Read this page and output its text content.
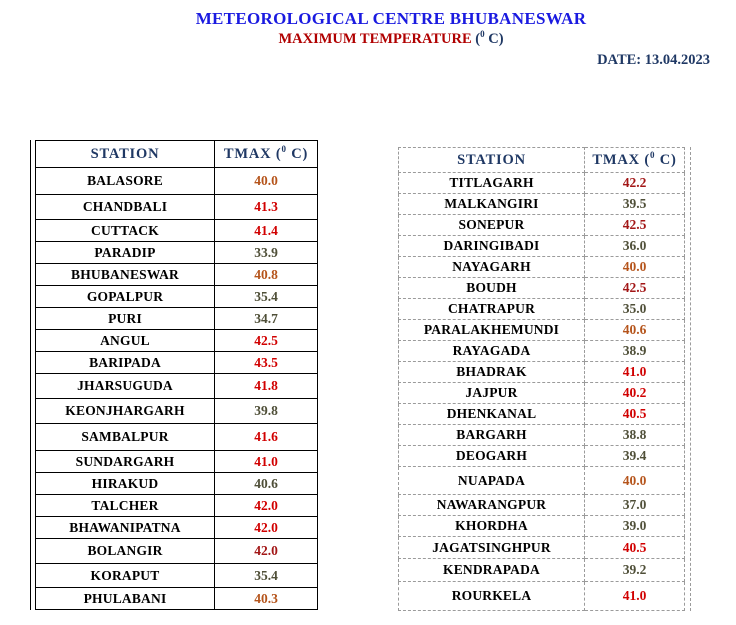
METEOROLOGICAL CENTRE BHUBANESWAR
MAXIMUM TEMPERATURE ($^0$ C)
DATE: 13.04.2023
STATION	TMAX ($^0$ C)
BALASORE	40.0
CHANDBALI	41.3
CUTTACK	41.4
PARADIP	33.9
BHUBANESWAR	40.8
GOPALPUR	35.4
PURI	34.7
ANGUL	42.5
BARIPADA	43.5
JHARSUGUDA	41.8
KEONJHARGARH	39.8
SAMBALPUR	41.6
SUNDARGARH	41.0
HIRAKUD	40.6
TALCHER	42.0
BHAWANIPATNA	42.0
BOLANGIR	42.0
KORAPUT	35.4
PHULABANI	40.3
STATION	TMAX ($^0$ C)
TITLAGARH	42.2
MALKANGIRI	39.5
SONEPUR	42.5
DARINGIBADI	36.0
NAYAGARH	40.0
BOUDH	42.5
CHATRAPUR	35.0
PARALAKHEMUNDI	40.6
RAYAGADA	38.9
BHADRAK	41.0
JAJPUR	40.2
DHENKANAL	40.5
BARGARH	38.8
DEOGARH	39.4
NUAPADA	40.0
NAWARANGPUR	37.0
KHORDHA	39.0
JAGATSINGHPUR	40.5
KENDRAPADA	39.2
ROURKELA	41.0
